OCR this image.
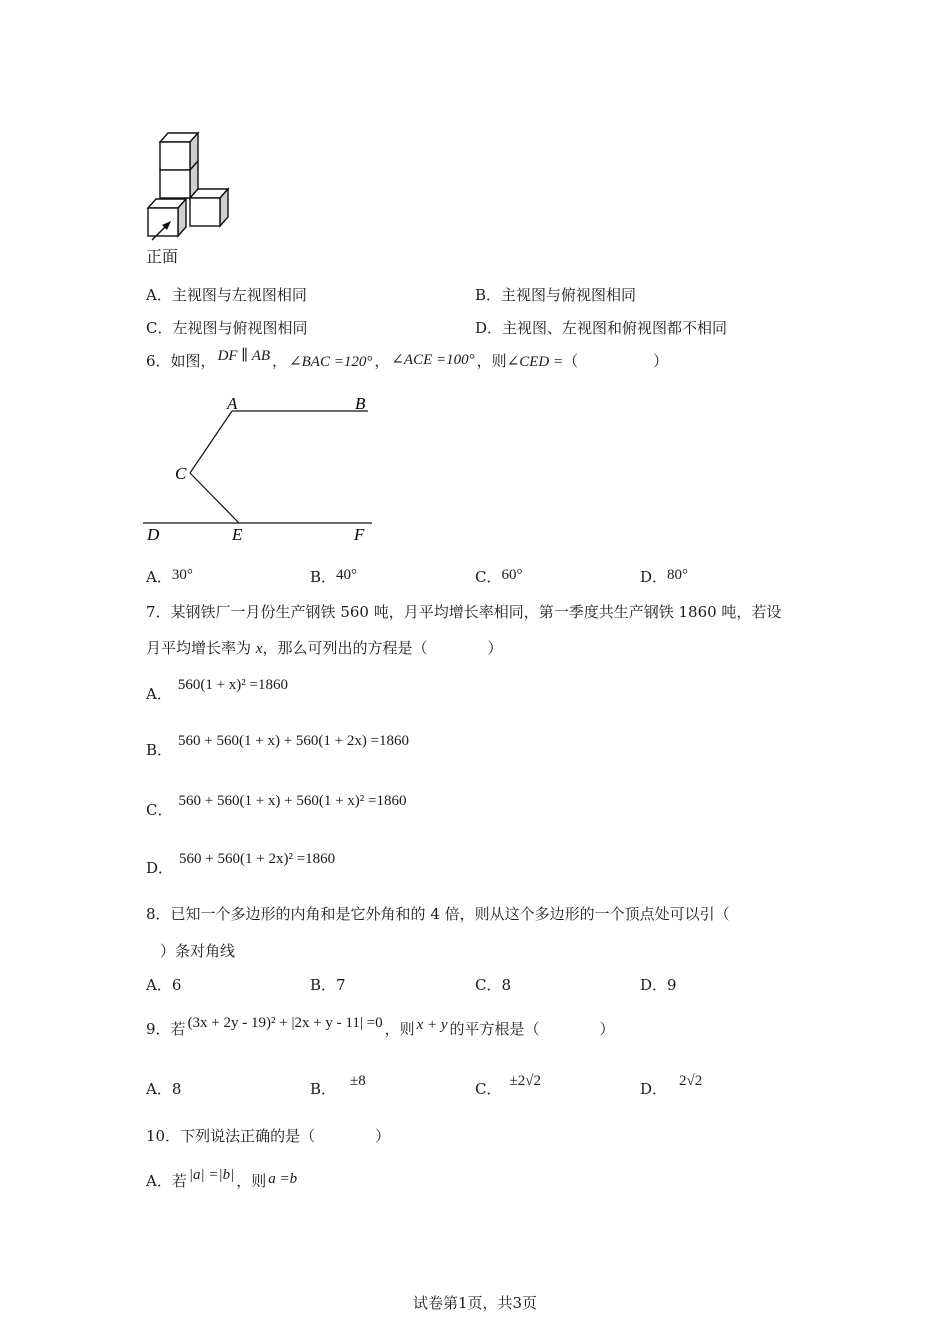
正面
A．主视图与左视图相同	B．主视图与俯视图相同
C．左视图与俯视图相同	D．主视图、左视图和俯视图都不相同
6．如图， DF ∥ AB ， ∠BAC =120° ， ∠ACE =100° ，则∠CED =（　　　　　）
A	B
C
D	E	F
A．30°	B．40°	C．60°	D．80°
7．某钢铁厂一月份生产钢铁 560 吨，月平均增长率相同，第一季度共生产钢铁 1860 吨，若设
月平均增长率为 x，那么可列出的方程是（　　　　）
A． 560(1 + x)² =1860
B． 560 + 560(1 + x) + 560(1 + 2x) =1860
C． 560 + 560(1 + x) + 560(1 + x)² =1860
D． 560 + 560(1 + 2x)² =1860
8．已知一个多边形的内角和是它外角和的 4 倍，则从这个多边形的一个顶点处可以引（
）条对角线
A．6	B．7	C．8	D．9
9．若 (3x + 2y - 19)² + |2x + y - 11| =0 ，则 x + y 的平方根是（　　　　）
A．8	B． ±8	C． ±2√2	D． 2√2
10．下列说法正确的是（　　　　）
A．若 |a| =|b| ，则 a =b
试卷第1页，共3页
